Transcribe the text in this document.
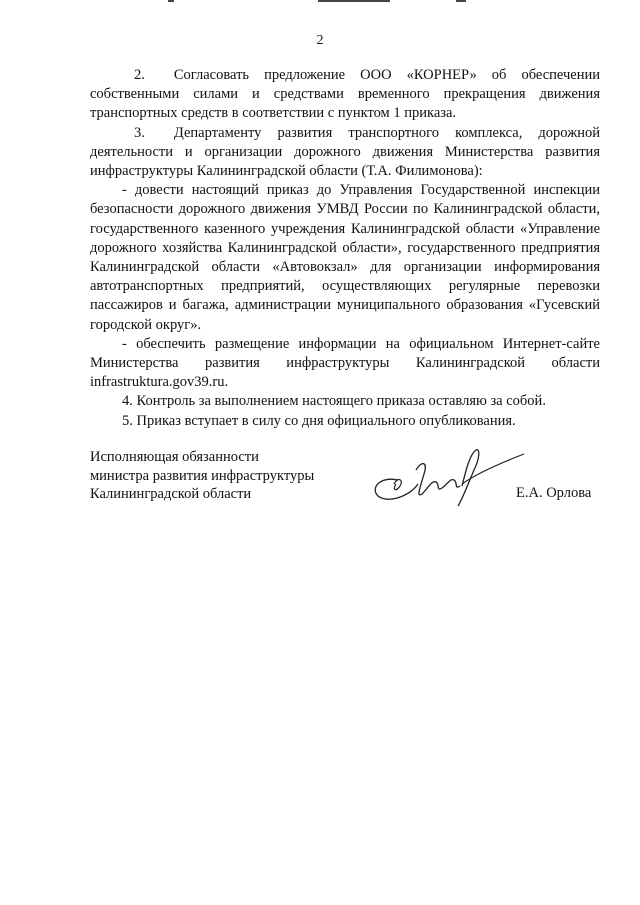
2

2.  Согласовать предложение ООО «КОРНЕР» об обеспечении собственными силами и средствами временного прекращения движения транспортных средств в соответствии с пунктом 1 приказа.

3.  Департаменту развития транспортного комплекса, дорожной деятельности и организации дорожного движения Министерства развития инфраструктуры Калининградской области (Т.А. Филимонова):

- довести настоящий приказ до Управления Государственной инспекции безопасности дорожного движения УМВД России по Калининградской области, государственного казенного учреждения Калининградской области «Управление дорожного хозяйства Калининградской области», государственного предприятия Калининградской области «Автовокзал» для организации информирования автотранспортных предприятий, осуществляющих регулярные перевозки пассажиров и багажа, администрации муниципального образования «Гусевский городской округ».

- обеспечить размещение информации на официальном Интернет-сайте Министерства развития инфраструктуры Калининградской области infrastruktura.gov39.ru.

4. Контроль за выполнением настоящего приказа оставляю за собой.

5. Приказ вступает в силу со дня официального опубликования.

Исполняющая обязанности
министра развития инфраструктуры
Калининградской области	Е.А. Орлова
